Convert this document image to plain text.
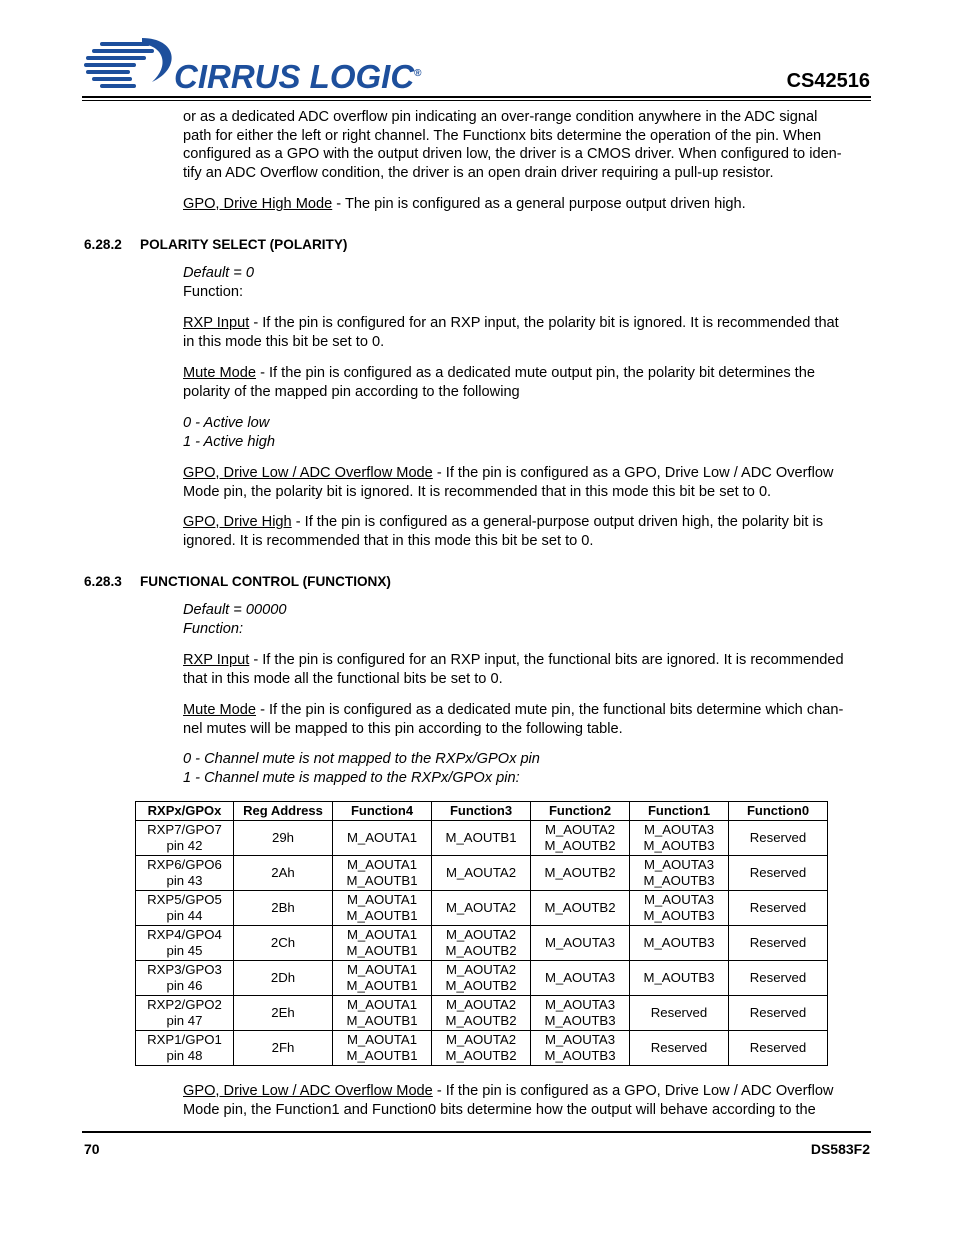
CIRRUS LOGIC®	CS42516
or as a dedicated ADC overflow pin indicating an over-range condition anywhere in the ADC signal
path for either the left or right channel. The Functionx bits determine the operation of the pin. When
configured as a GPO with the output driven low, the driver is a CMOS driver. When configured to iden-
tify an ADC Overflow condition, the driver is an open drain driver requiring a pull-up resistor.
GPO, Drive High Mode - The pin is configured as a general purpose output driven high.
6.28.2 POLARITY SELECT (POLARITY)
Default = 0
Function:
RXP Input - If the pin is configured for an RXP input, the polarity bit is ignored. It is recommended that
in this mode this bit be set to 0.
Mute Mode - If the pin is configured as a dedicated mute output pin, the polarity bit determines the
polarity of the mapped pin according to the following
0 - Active low
1 - Active high
GPO, Drive Low / ADC Overflow Mode - If the pin is configured as a GPO, Drive Low / ADC Overflow
Mode pin, the polarity bit is ignored. It is recommended that in this mode this bit be set to 0.
GPO, Drive High - If the pin is configured as a general-purpose output driven high, the polarity bit is
ignored. It is recommended that in this mode this bit be set to 0.
6.28.3 FUNCTIONAL CONTROL (FUNCTIONX)
Default = 00000
Function:
RXP Input - If the pin is configured for an RXP input, the functional bits are ignored. It is recommended
that in this mode all the functional bits be set to 0.
Mute Mode - If the pin is configured as a dedicated mute pin, the functional bits determine which chan-
nel mutes will be mapped to this pin according to the following table.
0 - Channel mute is not mapped to the RXPx/GPOx pin
1 - Channel mute is mapped to the RXPx/GPOx pin:
RXPx/GPOx	Reg Address	Function4	Function3	Function2	Function1	Function0

RXP7/GPO7
pin 42	29h	M_AOUTA1	M_AOUTB1	M_AOUTA2
M_AOUTB2	M_AOUTA3
M_AOUTB3	Reserved

RXP6/GPO6
pin 43	2Ah	M_AOUTA1
M_AOUTB1	M_AOUTA2	M_AOUTB2	M_AOUTA3
M_AOUTB3	Reserved

RXP5/GPO5
pin 44	2Bh	M_AOUTA1
M_AOUTB1	M_AOUTA2	M_AOUTB2	M_AOUTA3
M_AOUTB3	Reserved

RXP4/GPO4
pin 45	2Ch	M_AOUTA1
M_AOUTB1	M_AOUTA2
M_AOUTB2	M_AOUTA3	M_AOUTB3	Reserved

RXP3/GPO3
pin 46	2Dh	M_AOUTA1
M_AOUTB1	M_AOUTA2
M_AOUTB2	M_AOUTA3	M_AOUTB3	Reserved

RXP2/GPO2
pin 47	2Eh	M_AOUTA1
M_AOUTB1	M_AOUTA2
M_AOUTB2	M_AOUTA3
M_AOUTB3	Reserved	Reserved

RXP1/GPO1
pin 48	2Fh	M_AOUTA1
M_AOUTB1	M_AOUTA2
M_AOUTB2	M_AOUTA3
M_AOUTB3	Reserved	Reserved
GPO, Drive Low / ADC Overflow Mode - If the pin is configured as a GPO, Drive Low / ADC Overflow
Mode pin, the Function1 and Function0 bits determine how the output will behave according to the
70	DS583F2
